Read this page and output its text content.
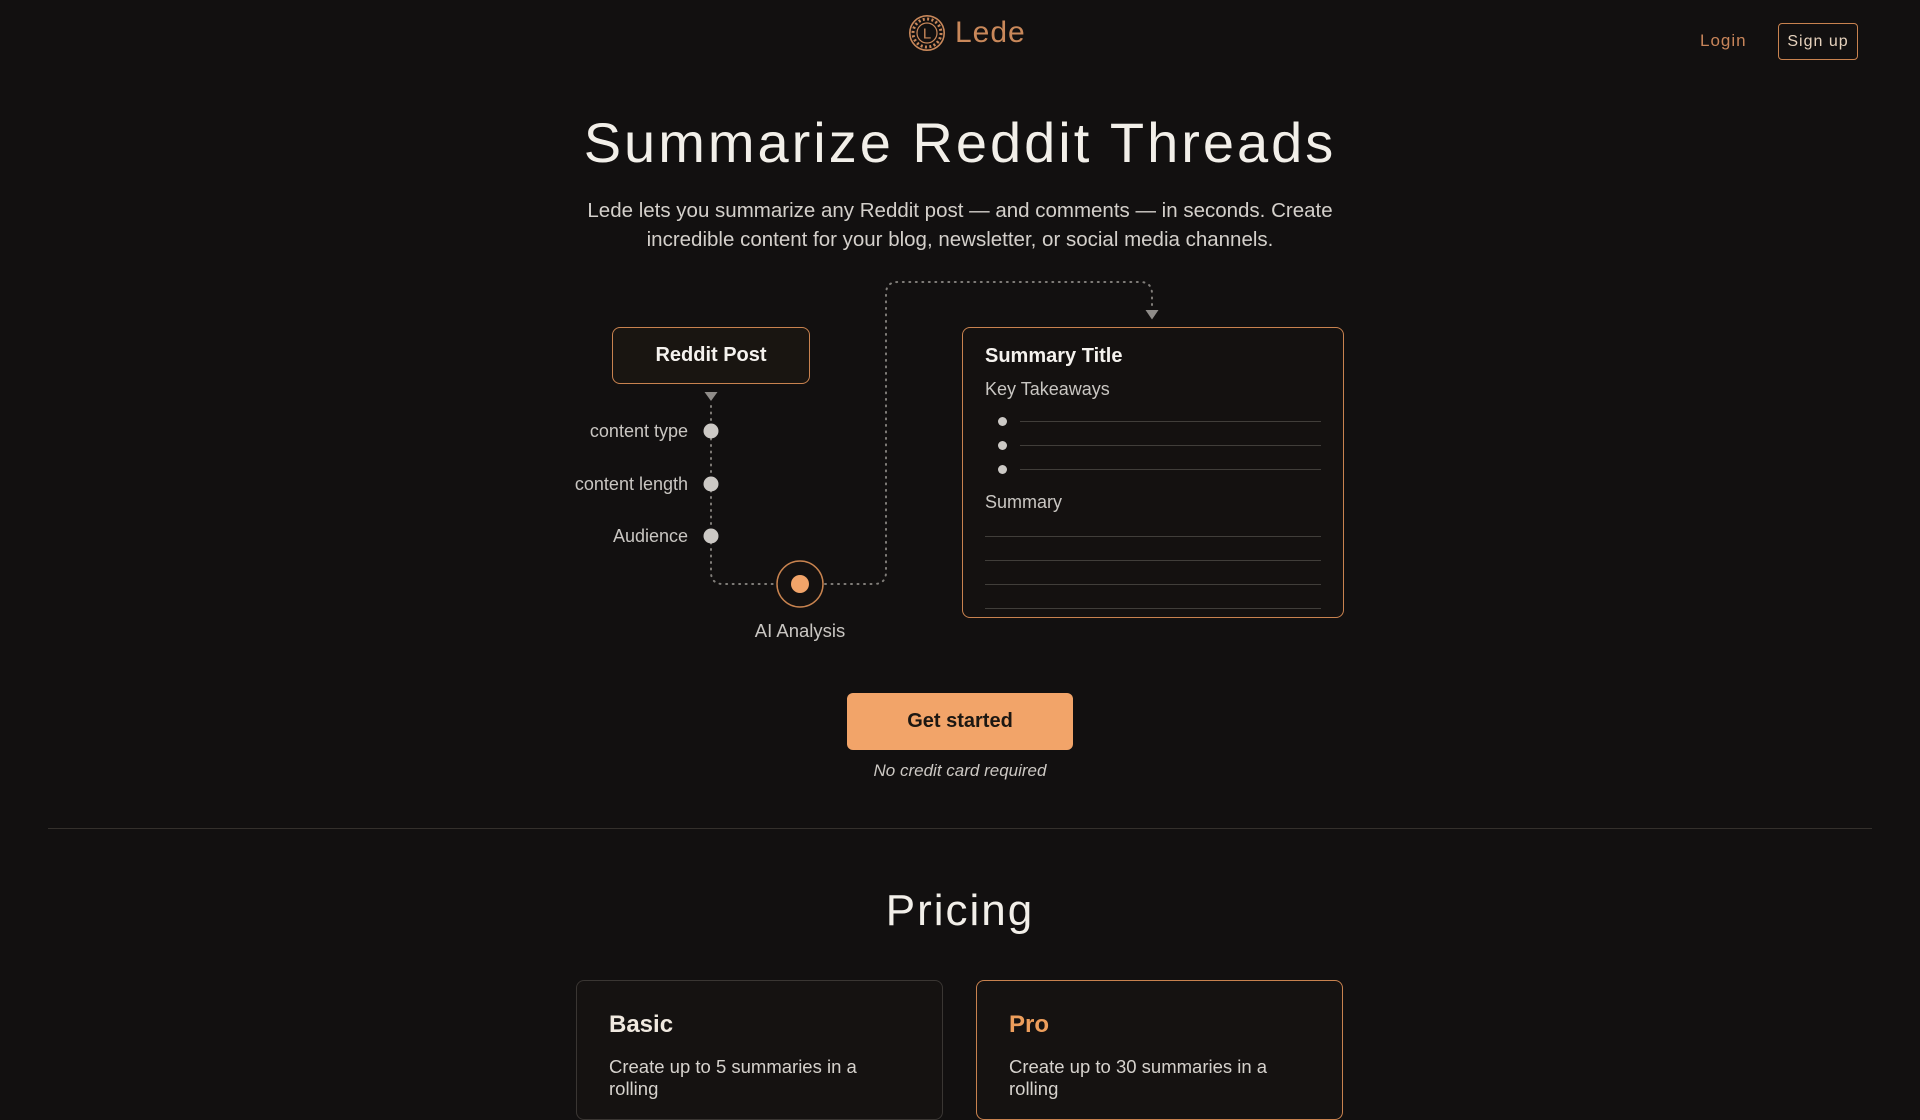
L Lede	Login	Sign up
Summarize Reddit Threads
Lede lets you summarize any Reddit post — and comments — in seconds. Create
incredible content for your blog, newsletter, or social media channels.
Reddit Post
content type
content length
Audience
AI Analysis
Summary Title
Key Takeaways
Summary
Get started
No credit card required
Pricing
Basic
Create up to 5 summaries in a rolling
Pro
Create up to 30 summaries in a rolling
